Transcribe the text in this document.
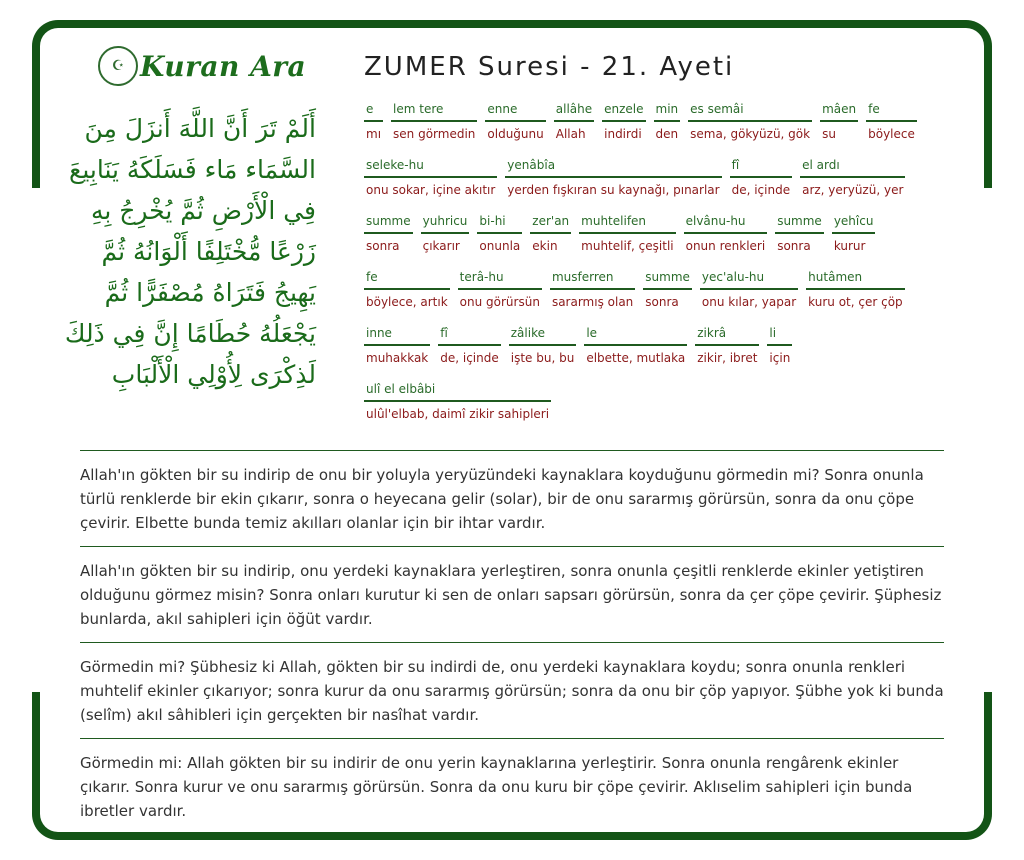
☪ Kuran Ara
أَلَمْ تَرَ أَنَّ اللَّهَ أَنزَلَ مِنَ
السَّمَاء مَاء فَسَلَكَهُ يَنَابِيعَ
فِي الْأَرْضِ ثُمَّ يُخْرِجُ بِهِ
زَرْعًا مُّخْتَلِفًا أَلْوَانُهُ ثُمَّ
يَهِيجُ فَتَرَاهُ مُصْفَرًّا ثُمَّ
يَجْعَلُهُ حُطَامًا إِنَّ فِي ذَلِكَ
لَذِكْرَى لِأُوْلِي الْأَلْبَابِ
ZUMER Suresi - 21. Ayeti
e
mı
lem tere
sen görmedin
enne
olduğunu
allâhe
Allah
enzele
indirdi
min
den
es semâi
sema, gökyüzü, gök
mâen
su
fe
böylece
seleke-hu
onu sokar, içine akıtır
yenâbîa
yerden fışkıran su kaynağı, pınarlar
fî
de, içinde
el ardı
arz, yeryüzü, yer
summe
sonra
yuhricu
çıkarır
bi-hi
onunla
zer'an
ekin
muhtelifen
muhtelif, çeşitli
elvânu-hu
onun renkleri
summe
sonra
yehîcu
kurur
fe
böylece, artık
terâ-hu
onu görürsün
musferren
sararmış olan
summe
sonra
yec'alu-hu
onu kılar, yapar
hutâmen
kuru ot, çer çöp
inne
muhakkak
fî
de, içinde
zâlike
işte bu, bu
le
elbette, mutlaka
zikrâ
zikir, ibret
li
için
ulî el elbâbi
ulûl'elbab, daimî zikir sahipleri
Allah'ın gökten bir su indirip de onu bir yoluyla yeryüzündeki kaynaklara koyduğunu görmedin mi? Sonra onunla türlü renklerde bir ekin çıkarır, sonra o heyecana gelir (solar), bir de onu sararmış görürsün, sonra da onu çöpe çevirir. Elbette bunda temiz akılları olanlar için bir ihtar vardır.
Allah'ın gökten bir su indirip, onu yerdeki kaynaklara yerleştiren, sonra onunla çeşitli renklerde ekinler yetiştiren olduğunu görmez misin? Sonra onları kurutur ki sen de onları sapsarı görürsün, sonra da çer çöpe çevirir. Şüphesiz bunlarda, akıl sahipleri için öğüt vardır.
Görmedin mi? Şübhesiz ki Allah, gökten bir su indirdi de, onu yerdeki kaynaklara koydu; sonra onunla renkleri muhtelif ekinler çıkarıyor; sonra kurur da onu sararmış görürsün; sonra da onu bir çöp yapıyor. Şübhe yok ki bunda (selîm) akıl sâhibleri için gerçekten bir nasîhat vardır.
Görmedin mi: Allah gökten bir su indirir de onu yerin kaynaklarına yerleştirir. Sonra onunla rengârenk ekinler çıkarır. Sonra kurur ve onu sararmış görürsün. Sonra da onu kuru bir çöpe çevirir. Aklıselim sahipleri için bunda ibretler vardır.
